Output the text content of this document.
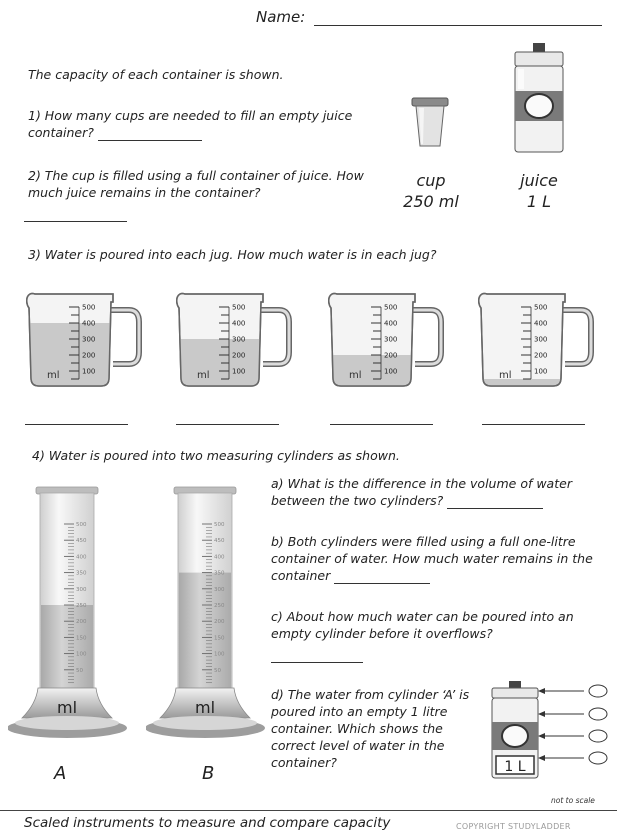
Name:
The capacity of each container is shown.
1) How many cups are needed to fill an empty juice container?
2) The cup is filled using a full container of juice. How much juice remains in the container?
cup
250 ml
juice
1 L
3) Water is poured into each jug. How much water is in each jug?
500
400
300
200
100
ml
500
400
300
200
100
ml
500
400
300
200
100
ml
500
400
300
200
100
ml
4) Water is poured into two measuring cylinders as shown.
500
450
400
350
300
250
200
150
100
50
ml
500
450
400
350
300
250
200
150
100
50
ml
A	B
a) What is the difference in the volume of water between the two cylinders?
b) Both cylinders were filled using a full one-litre container of water. How much water remains in the container
c) About how much water can be poured into an empty cylinder before it overflows?
d) The water from cylinder ‘A’ is poured into an empty 1 litre container. Which shows the correct level of water in the container?	1 L
not to scale
Scaled instruments to measure and compare capacity	COPYRIGHT STUDYLADDER
